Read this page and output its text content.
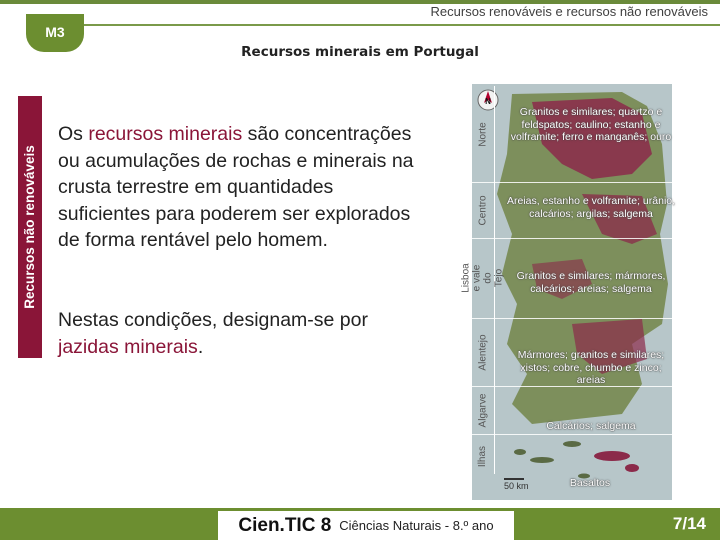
Recursos renováveis e recursos não renováveis
M3
Recursos não renováveis
Recursos minerais em Portugal

Os recursos minerais são concentrações ou acumulações de rochas e minerais na crusta terrestre em quantidades suficientes para poderem ser explorados de forma rentável pelo homem.

Nestas condições, designam-se por jazidas minerais.

N
Norte
Centro
Lisboa e vale do Tejo
Alentejo
Algarve
Ilhas
Granitos e similares; quartzo e feldspatos; caulino; estanho e volframite; ferro e manganês; ouro
Areias, estanho e volframite; urânio, calcários; argilas; salgema
Granitos e similares; mármores, calcários; areias; salgema
Mármores; granitos e similares; xistos; cobre, chumbo e zinco; areias
Calcários; salgema
Basaltos
50 km
Cien.TIC 8 Ciências Naturais - 8.º ano	7/14
